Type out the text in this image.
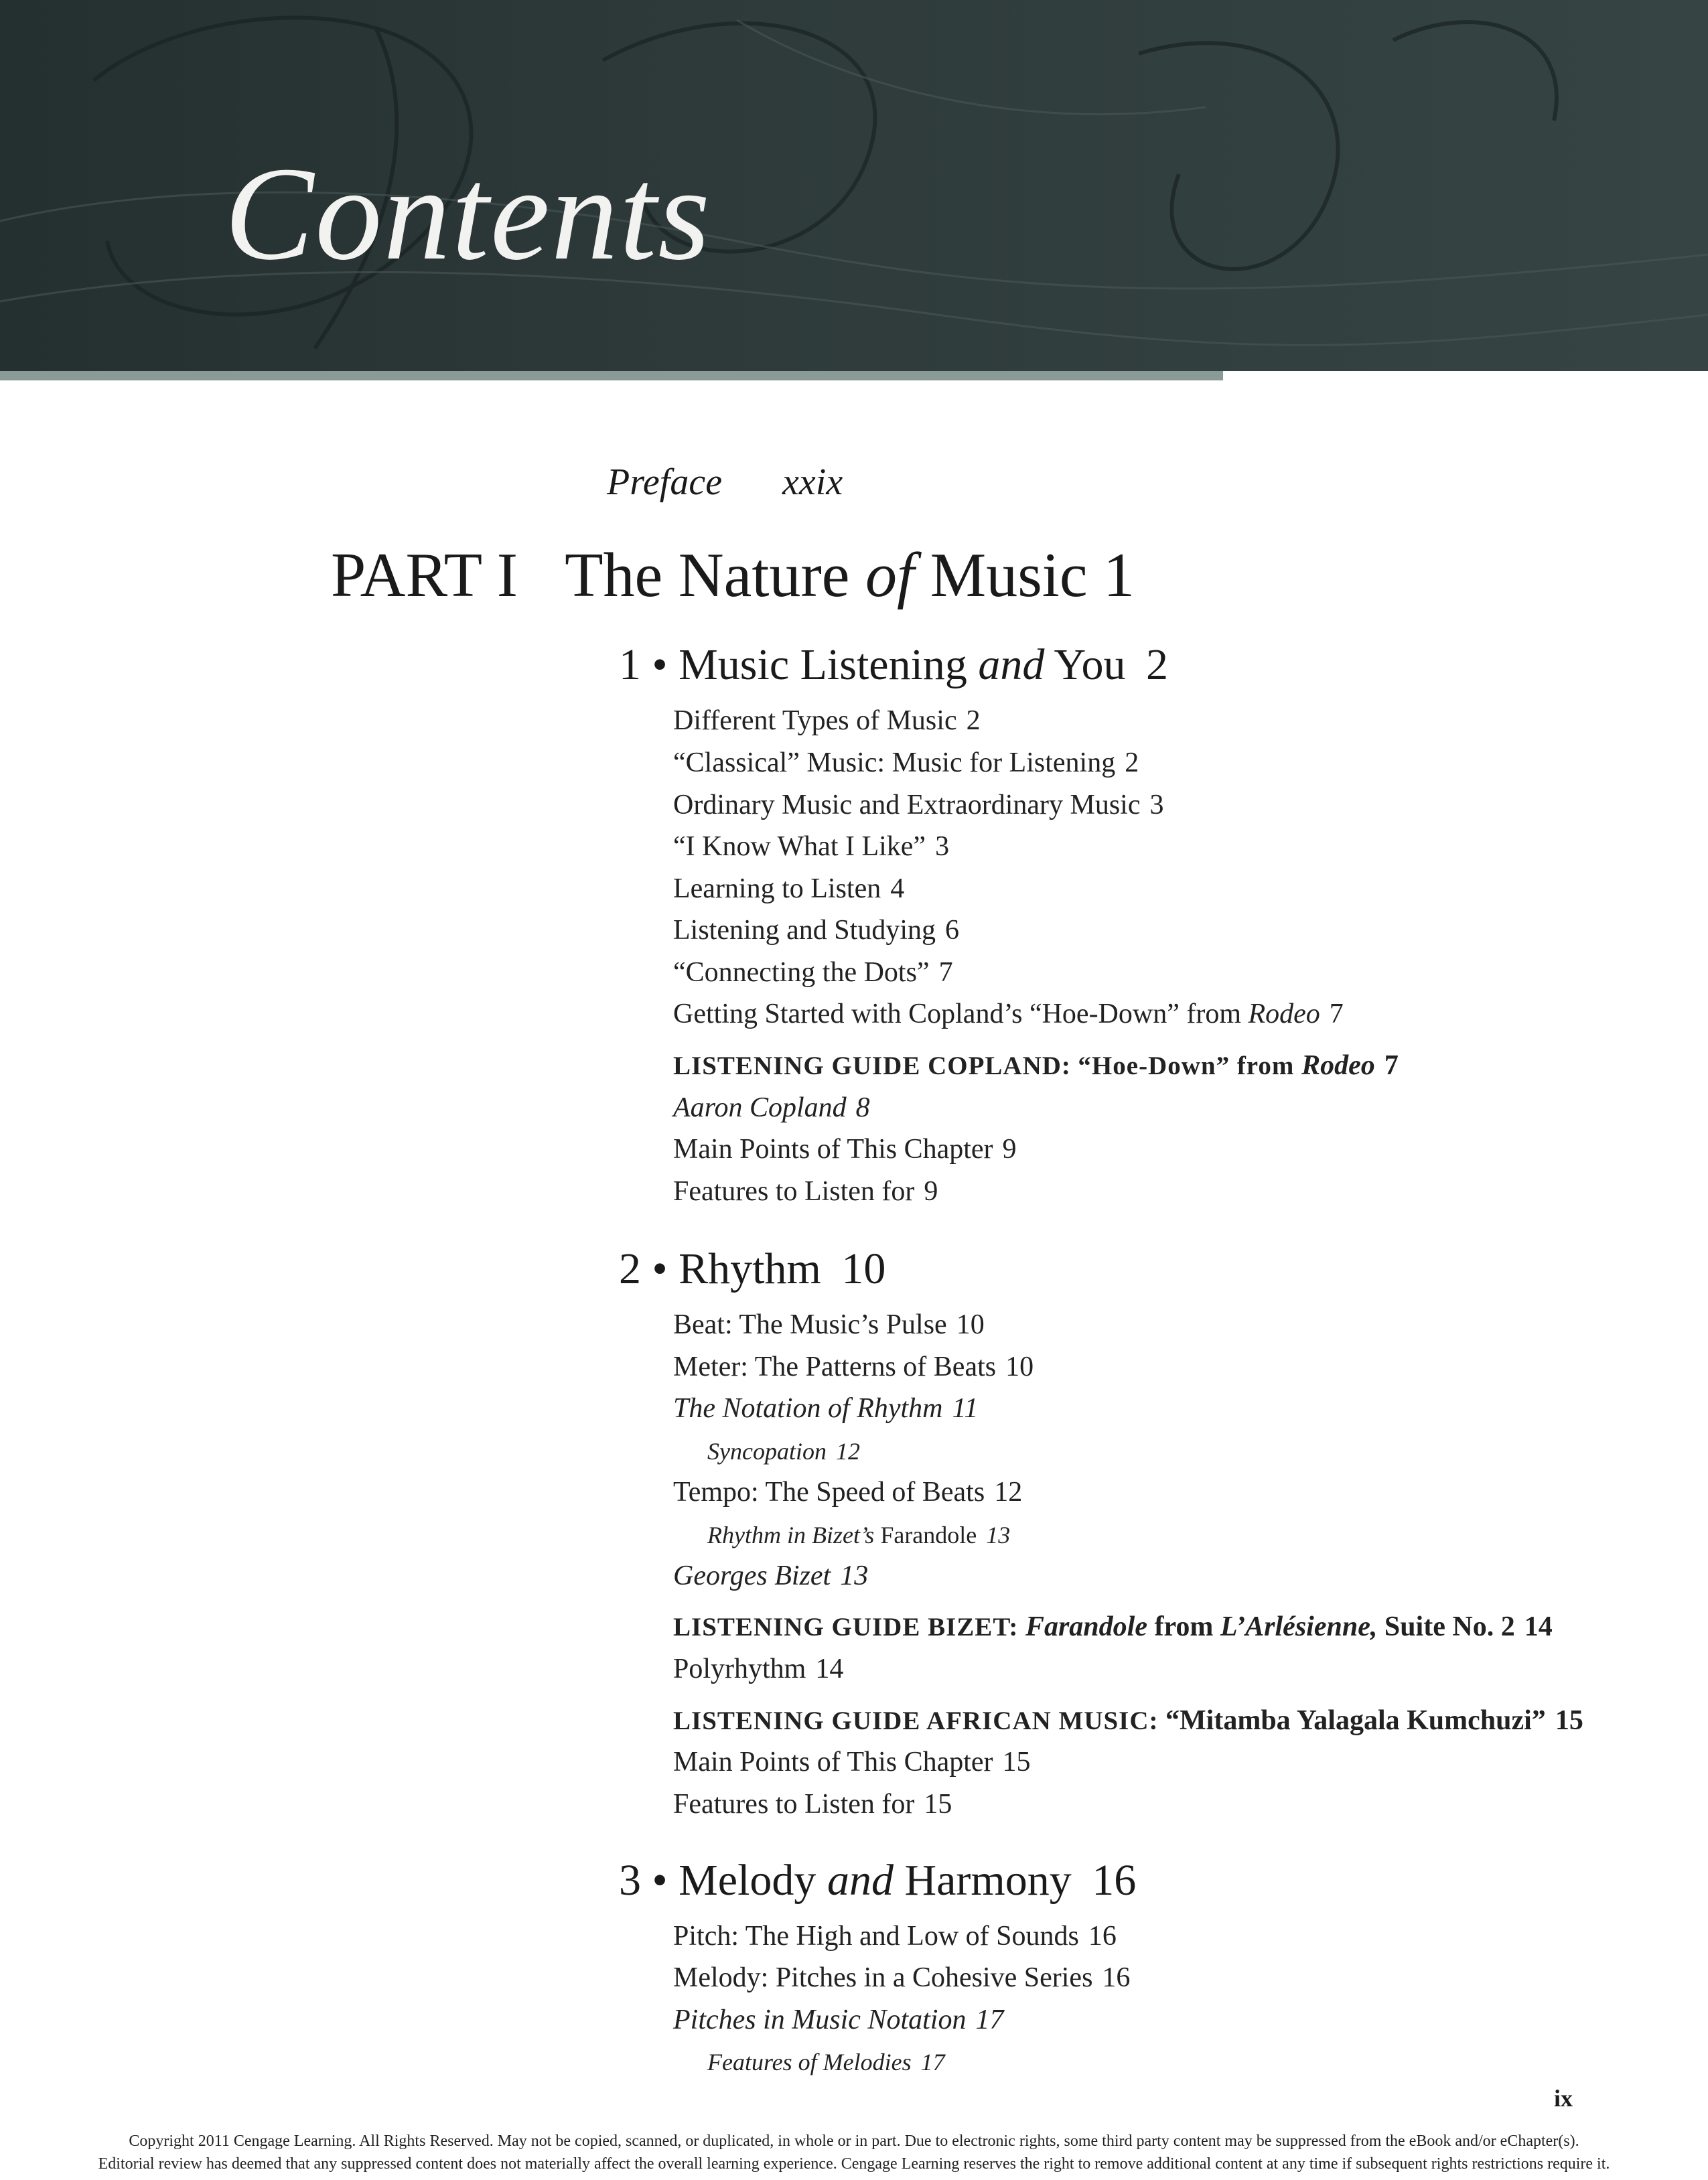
Contents
Preface xxix
PART I The Nature of Music 1
1 • Music Listening and You 2
Different Types of Music 2
“Classical” Music: Music for Listening 2
Ordinary Music and Extraordinary Music 3
“I Know What I Like” 3
Learning to Listen 4
Listening and Studying 6
“Connecting the Dots” 7
Getting Started with Copland’s “Hoe-Down” from Rodeo 7
LISTENING GUIDE COPLAND: “Hoe-Down” from Rodeo 7
Aaron Copland 8
Main Points of This Chapter 9
Features to Listen for 9
2 • Rhythm 10
Beat: The Music’s Pulse 10
Meter: The Patterns of Beats 10
The Notation of Rhythm 11
Syncopation 12
Tempo: The Speed of Beats 12
Rhythm in Bizet’s Farandole 13
Georges Bizet 13
LISTENING GUIDE BIZET: Farandole from L’Arlésienne, Suite No. 2 14
Polyrhythm 14
LISTENING GUIDE AFRICAN MUSIC: “Mitamba Yalagala Kumchuzi” 15
Main Points of This Chapter 15
Features to Listen for 15
3 • Melody and Harmony 16
Pitch: The High and Low of Sounds 16
Melody: Pitches in a Cohesive Series 16
Pitches in Music Notation 17
Features of Melodies 17
ix
Copyright 2011 Cengage Learning. All Rights Reserved. May not be copied, scanned, or duplicated, in whole or in part. Due to electronic rights, some third party content may be suppressed from the eBook and/or eChapter(s).
Editorial review has deemed that any suppressed content does not materially affect the overall learning experience. Cengage Learning reserves the right to remove additional content at any time if subsequent rights restrictions require it.
